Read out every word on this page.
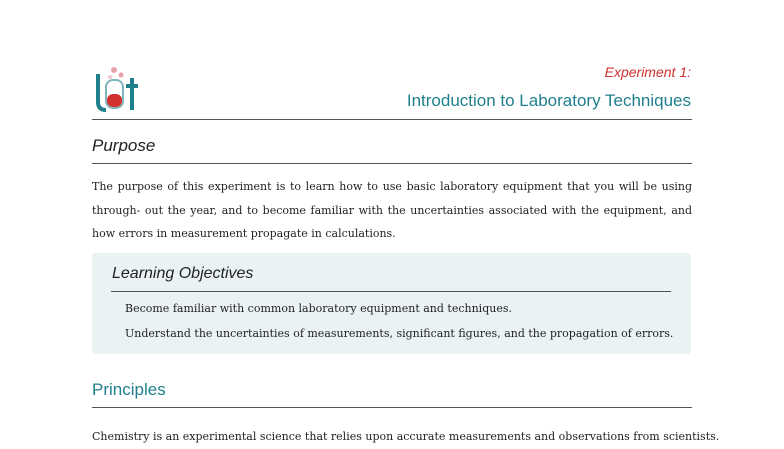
Experiment 1:
Introduction to Laboratory Techniques
Purpose
The purpose of this experiment is to learn how to use basic laboratory equipment that you will be using through- out the year, and to become familiar with the uncertainties associated with the equipment, and how errors in measurement propagate in calculations.
Learning Objectives
Become familiar with common laboratory equipment and techniques.
Understand the uncertainties of measurements, significant figures, and the propagation of errors.
Principles
Chemistry is an experimental science that relies upon accurate measurements and observations from scientists.
